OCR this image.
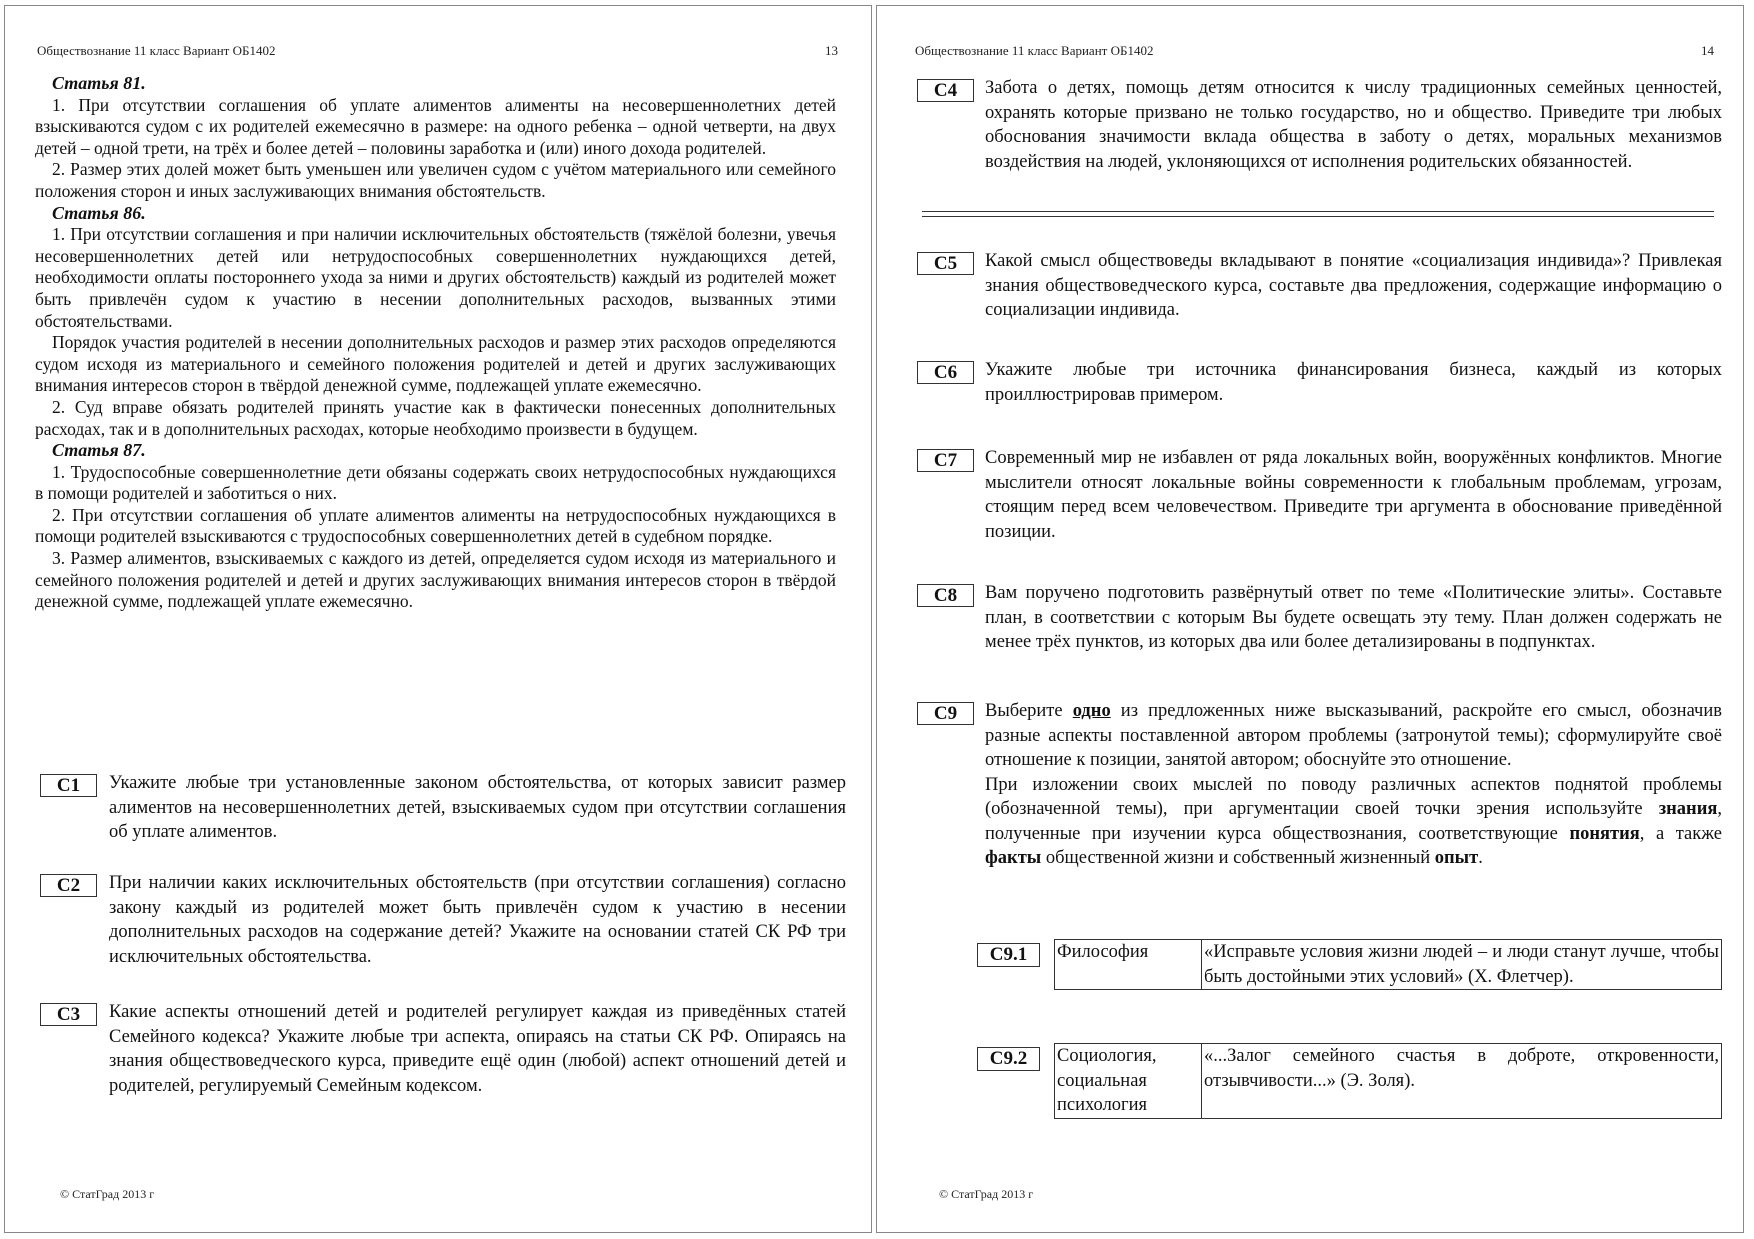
Обществознание 11 класс Вариант ОБ1402	13
Статья 81.

1. При отсутствии соглашения об уплате алиментов алименты на несовершеннолетних детей взыскиваются судом с их родителей ежемесячно в размере: на одного ребенка – одной четверти, на двух детей – одной трети, на трёх и более детей – половины заработка и (или) иного дохода родителей.

2. Размер этих долей может быть уменьшен или увеличен судом с учётом материального или семейного положения сторон и иных заслуживающих внимания обстоятельств.

Статья 86.

1. При отсутствии соглашения и при наличии исключительных обстоятельств (тяжёлой болезни, увечья несовершеннолетних детей или нетрудоспособных совершеннолетних нуждающихся детей, необходимости оплаты постороннего ухода за ними и других обстоятельств) каждый из родителей может быть привлечён судом к участию в несении дополнительных расходов, вызванных этими обстоятельствами.

Порядок участия родителей в несении дополнительных расходов и размер этих расходов определяются судом исходя из материального и семейного положения родителей и детей и других заслуживающих внимания интересов сторон в твёрдой денежной сумме, подлежащей уплате ежемесячно.

2. Суд вправе обязать родителей принять участие как в фактически понесенных дополнительных расходах, так и в дополнительных расходах, которые необходимо произвести в будущем.

Статья 87.

1. Трудоспособные совершеннолетние дети обязаны содержать своих нетрудоспособных нуждающихся в помощи родителей и заботиться о них.

2. При отсутствии соглашения об уплате алиментов алименты на нетрудоспособных нуждающихся в помощи родителей взыскиваются с трудоспособных совершеннолетних детей в судебном порядке.

3. Размер алиментов, взыскиваемых с каждого из детей, определяется судом исходя из материального и семейного положения родителей и детей и других заслуживающих внимания интересов сторон в твёрдой денежной сумме, подлежащей уплате ежемесячно.

С1	Укажите любые три установленные законом обстоятельства, от которых зависит размер алиментов на несовершеннолетних детей, взыскиваемых судом при отсутствии соглашения об уплате алиментов.

С2	При наличии каких исключительных обстоятельств (при отсутствии соглашения) согласно закону каждый из родителей может быть привлечён судом к участию в несении дополнительных расходов на содержание детей? Укажите на основании статей СК РФ три исключительных обстоятельства.

С3	Какие аспекты отношений детей и родителей регулирует каждая из приведённых статей Семейного кодекса? Укажите любые три аспекта, опираясь на статьи СК РФ. Опираясь на знания обществоведческого курса, приведите ещё один (любой) аспект отношений детей и родителей, регулируемый Семейным кодексом.

© СтатГрад 2013 г
Обществознание 11 класс Вариант ОБ1402	14
С4	Забота о детях, помощь детям относится к числу традиционных семейных ценностей, охранять которые призвано не только государство, но и общество. Приведите три любых обоснования значимости вклада общества в заботу о детях, моральных механизмов воздействия на людей, уклоняющихся от исполнения родительских обязанностей.

С5	Какой смысл обществоведы вкладывают в понятие «социализация индивида»? Привлекая знания обществоведческого курса, составьте два предложения, содержащие информацию о социализации индивида.

С6	Укажите любые три источника финансирования бизнеса, каждый из которых проиллюстрировав примером.

С7	Современный мир не избавлен от ряда локальных войн, вооружённых конфликтов. Многие мыслители относят локальные войны современности к глобальным проблемам, угрозам, стоящим перед всем человечеством. Приведите три аргумента в обоснование приведённой позиции.

С8	Вам поручено подготовить развёрнутый ответ по теме «Политические элиты». Составьте план, в соответствии с которым Вы будете освещать эту тему. План должен содержать не менее трёх пунктов, из которых два или более детализированы в подпунктах.

С9	Выберите одно из предложенных ниже высказываний, раскройте его смысл, обозначив разные аспекты поставленной автором проблемы (затронутой темы); сформулируйте своё отношение к позиции, занятой автором; обоснуйте это отношение.

При изложении своих мыслей по поводу различных аспектов поднятой проблемы (обозначенной темы), при аргументации своей точки зрения используйте знания, полученные при изучении курса обществознания, соответствующие понятия, а также факты общественной жизни и собственный жизненный опыт.

С9.1	Философия	«Исправьте условия жизни людей – и люди станут лучше, чтобы быть достойными этих условий» (Х. Флетчер).
С9.2	Социология, социальная психология	«...Залог семейного счастья в доброте, откровенности, отзывчивости...» (Э. Золя).
© СтатГрад 2013 г
